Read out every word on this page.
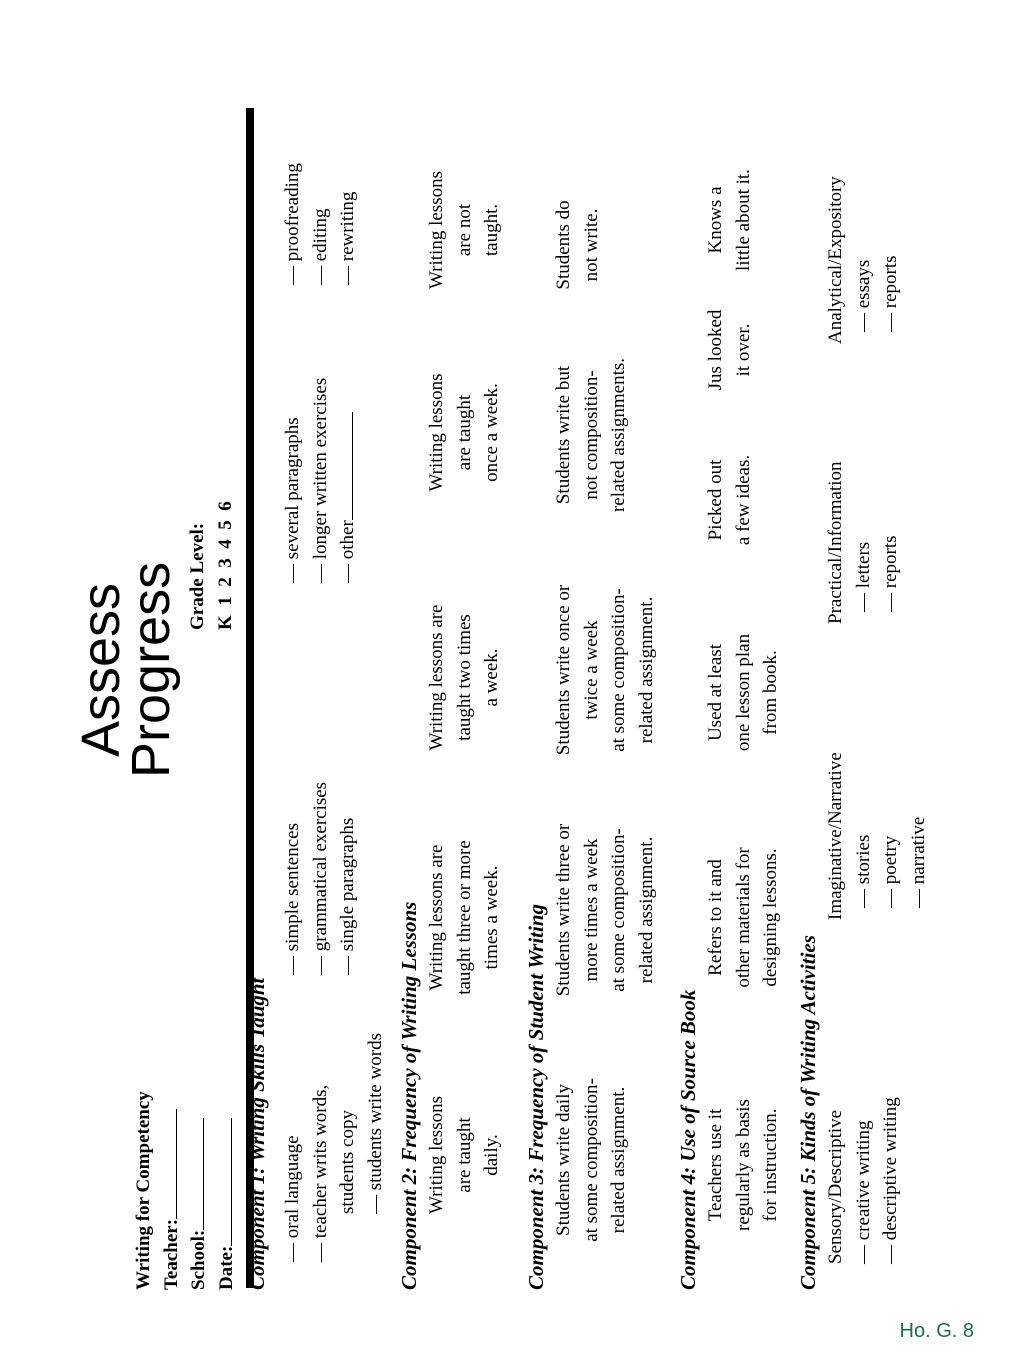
Assess Progress
Ho. G. 8
Writing for Competency Teacher: School: Date:
Grade Level: K  1  2  3  4  5  6
Component 1: Writing Skills Taught — oral language — teacher writs words, students copy — students write words
— simple sentences — grammatical exercises — single paragraphs
— several paragraphs — longer written exercises — other
— proofreading — editing — rewriting
Component 2: Frequency of Writing Lessons Writing lessons are taught daily.
Writing lessons are taught three or more times a week.
Writing lessons are taught two times a week.
Writing lessons are taught once a week.
Writing lessons are not taught.
Component 3: Frequency of Student Writing Students write daily at some composition- related assignment.
Students write three or more times a week at some composition- related assignment.
Students write once or twice a week at some composition- related assignment.
Students write but not composition- related assignments.
Students do not write.
Component 4: Use of Source Book Teachers use it regularly as basis for instruction.
Refers to it and other materials for designing lessons.
Used at least one lesson plan from book.
Picked out a few ideas.
Jus looked it over.
Knows a little about it.
Component 5: Kinds of Writing Activities Sensory/Descriptive — creative writing — descriptive writing
Imaginative/Narrative — stories — poetry — narrative
Practical/Information — letters — reports
Analytical/Expository — essays — reports
